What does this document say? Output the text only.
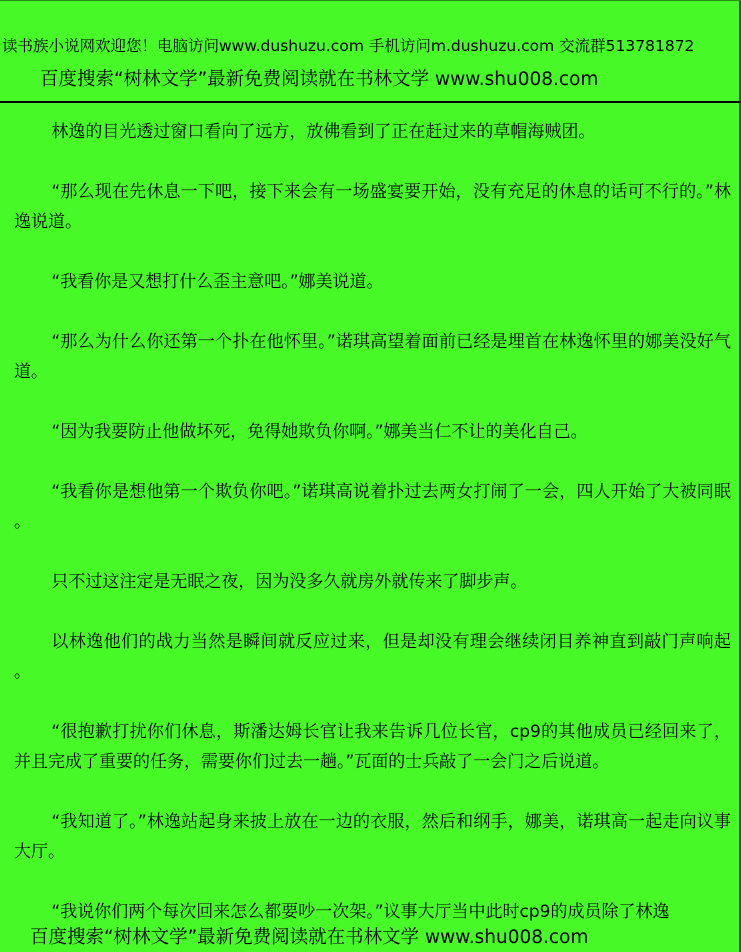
读书族小说网欢迎您！电脑访问www.dushuzu.com 手机访问m.dushuzu.com 交流群513781872
百度搜索“树林文学”最新免费阅读就在书林文学 www.shu008.com

林逸的目光透过窗口看向了远方，放佛看到了正在赶过来的草帽海贼团。

“那么现在先休息一下吧，接下来会有一场盛宴要开始，没有充足的休息的话可不行的。”林逸说道。

“我看你是又想打什么歪主意吧。”娜美说道。

“那么为什么你还第一个扑在他怀里。”诺琪高望着面前已经是埋首在林逸怀里的娜美没好气道。

“因为我要防止他做坏死，免得她欺负你啊。”娜美当仁不让的美化自己。

“我看你是想他第一个欺负你吧。”诺琪高说着扑过去两女打闹了一会，四人开始了大被同眠。

只不过这注定是无眠之夜，因为没多久就房外就传来了脚步声。

以林逸他们的战力当然是瞬间就反应过来，但是却没有理会继续闭目养神直到敲门声响起。

“很抱歉打扰你们休息，斯潘达姆长官让我来告诉几位长官，cp9的其他成员已经回来了，并且完成了重要的任务，需要你们过去一趟。”瓦面的士兵敲了一会门之后说道。

“我知道了。”林逸站起身来披上放在一边的衣服，然后和纲手，娜美，诺琪高一起走向议事大厅。

“我说你们两个每次回来怎么都要吵一次架。”议事大厅当中此时cp9的成员除了林逸

百度搜索“树林文学”最新免费阅读就在书林文学 www.shu008.com
